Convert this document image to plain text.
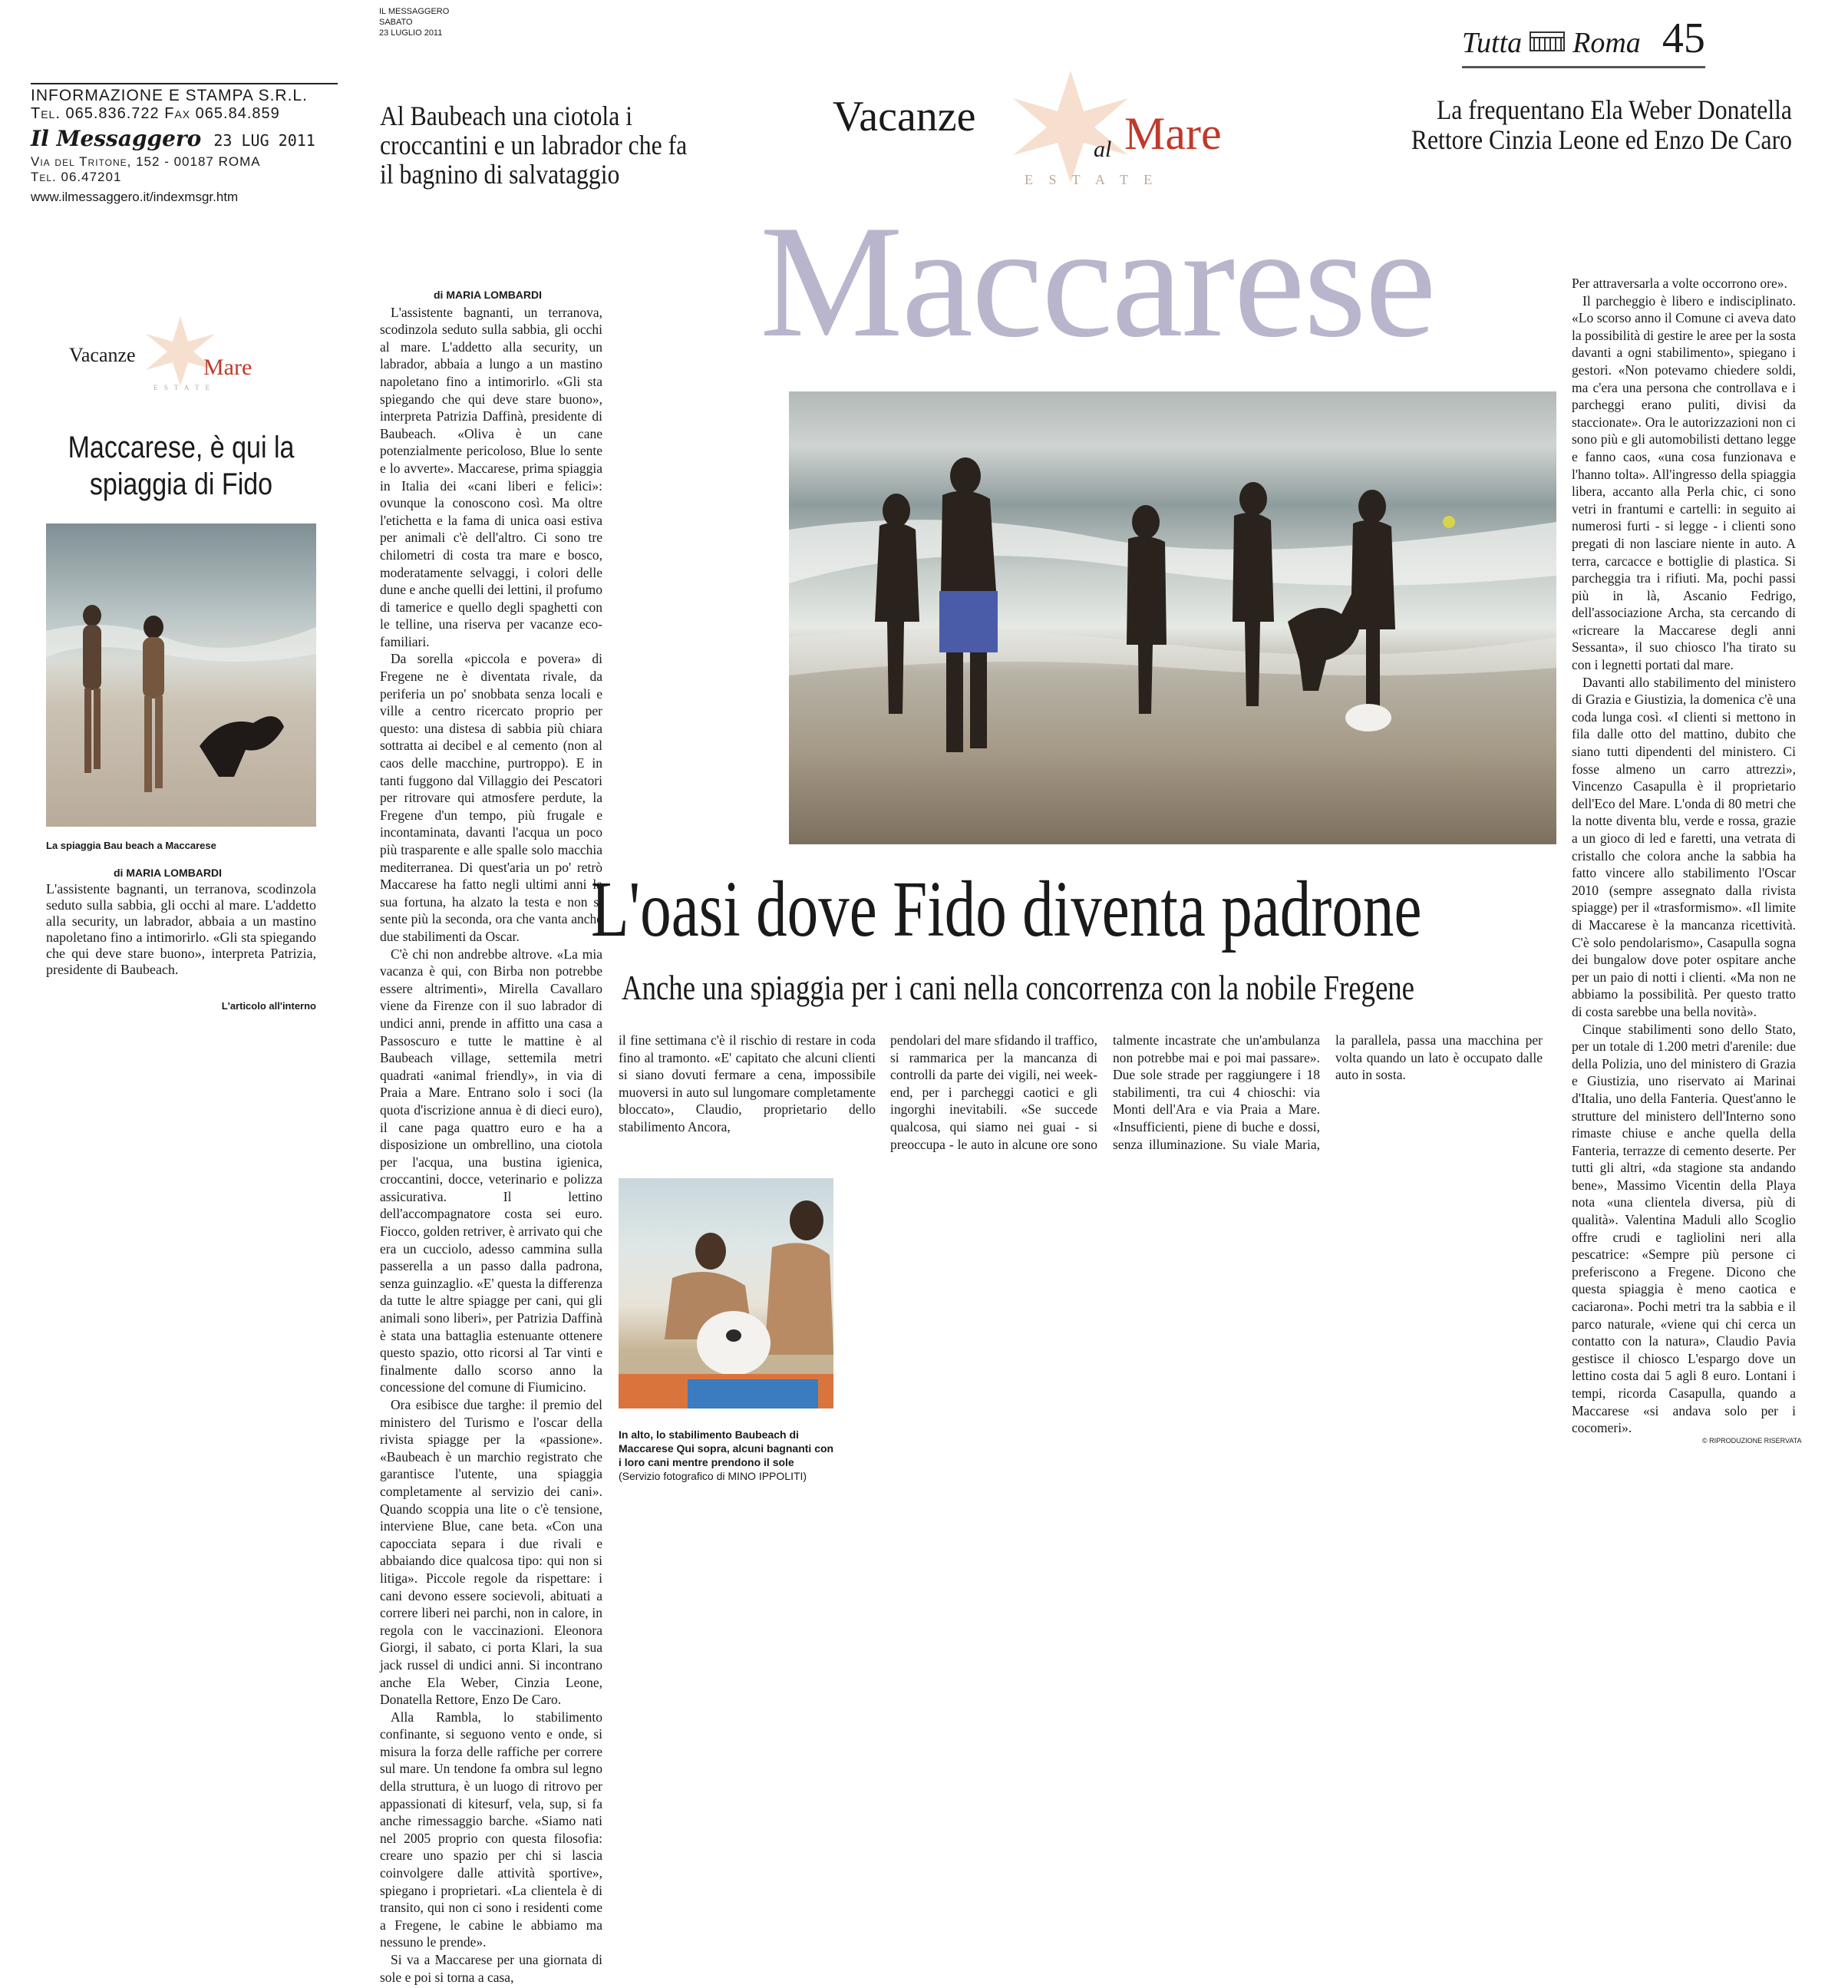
INFORMAZIONE E STAMPA S.R.L.
Tel. 065.836.722 Fax 065.84.859
Il Messaggero 23 LUG 2011
Via del Tritone, 152 - 00187 ROMA
Tel. 06.47201
www.ilmessaggero.it/indexmsgr.htm
Vacanze	Mare
E S T A T E
Maccarese, è qui la spiaggia di Fido
La spiaggia Bau beach a Maccarese
di MARIA LOMBARDI
L'assistente bagnanti, un terranova, scodinzola seduto sulla sabbia, gli occhi al mare. L'addetto alla security, un labrador, abbaia a un mastino napoletano fino a intimorirlo. «Gli sta spiegando che qui deve stare buono», interpreta Patrizia, presidente di Baubeach.
L'articolo all'interno
IL MESSAGGERO
SABATO
23 LUGLIO 2011	Tutta Roma 45
Vacanze
al Mare
E S T A T E
Al Baubeach una ciotola i croccantini e un labrador che fa il bagnino di salvataggio
La frequentano Ela Weber Donatella Rettore Cinzia Leone ed Enzo De Caro
Maccarese
L'oasi dove Fido diventa padrone
Anche una spiaggia per i cani nella concorrenza con la nobile Fregene

di MARIA LOMBARDI

L'assistente bagnanti, un terranova, scodinzola seduto sulla sabbia, gli occhi al mare. L'addetto alla security, un labrador, abbaia a lungo a un mastino napoletano fino a intimorirlo. «Gli sta spiegando che qui deve stare buono», interpreta Patrizia Daffinà, presidente di Baubeach. «Oliva è un cane potenzialmente pericoloso, Blue lo sente e lo avverte». Maccarese, prima spiaggia in Italia dei «cani liberi e felici»: ovunque la conoscono così. Ma oltre l'etichetta e la fama di unica oasi estiva per animali c'è dell'altro. Ci sono tre chilometri di costa tra mare e bosco, moderatamente selvaggi, i colori delle dune e anche quelli dei lettini, il profumo di tamerice e quello degli spaghetti con le telline, una riserva per vacanze eco-familiari.

Da sorella «piccola e povera» di Fregene ne è diventata rivale, da periferia un po' snobbata senza locali e ville a centro ricercato proprio per questo: una distesa di sabbia più chiara sottratta ai decibel e al cemento (non al caos delle macchine, purtroppo). E in tanti fuggono dal Villaggio dei Pescatori per ritrovare qui atmosfere perdute, la Fregene d'un tempo, più frugale e incontaminata, davanti l'acqua un poco più trasparente e alle spalle solo macchia mediterranea. Di quest'aria un po' retrò Maccarese ha fatto negli ultimi anni la sua fortuna, ha alzato la testa e non si sente più la seconda, ora che vanta anche due stabilimenti da Oscar.

C'è chi non andrebbe altrove. «La mia vacanza è qui, con Birba non potrebbe essere altrimenti», Mirella Cavallaro viene da Firenze con il suo labrador di undici anni, prende in affitto una casa a Passoscuro e tutte le mattine è al Baubeach village, settemila metri quadrati «animal friendly», in via di Praia a Mare. Entrano solo i soci (la quota d'iscrizione annua è di dieci euro), il cane paga quattro euro e ha a disposizione un ombrellino, una ciotola per l'acqua, una bustina igienica, croccantini, docce, veterinario e polizza assicurativa. Il lettino dell'accompagnatore costa sei euro. Fiocco, golden retriver, è arrivato qui che era un cucciolo, adesso cammina sulla passerella a un passo dalla padrona, senza guinzaglio. «E' questa la differenza da tutte le altre spiagge per cani, qui gli animali sono liberi», per Patrizia Daffinà è stata una battaglia estenuante ottenere questo spazio, otto ricorsi al Tar vinti e finalmente dallo scorso anno la concessione del comune di Fiumicino.

Ora esibisce due targhe: il premio del ministero del Turismo e l'oscar della rivista spiagge per la «passione». «Baubeach è un marchio registrato che garantisce l'utente, una spiaggia completamente al servizio dei cani». Quando scoppia una lite o c'è tensione, interviene Blue, cane beta. «Con una capocciata separa i due rivali e abbaiando dice qualcosa tipo: qui non si litiga». Piccole regole da rispettare: i cani devono essere socievoli, abituati a correre liberi nei parchi, non in calore, in regola con le vaccinazioni. Eleonora Giorgi, il sabato, ci porta Klari, la sua jack russel di undici anni. Si incontrano anche Ela Weber, Cinzia Leone, Donatella Rettore, Enzo De Caro.

Alla Rambla, lo stabilimento confinante, si seguono vento e onde, si misura la forza delle raffiche per correre sul mare. Un tendone fa ombra sul legno della struttura, è un luogo di ritrovo per appassionati di kitesurf, vela, sup, si fa anche rimessaggio barche. «Siamo nati nel 2005 proprio con questa filosofia: creare uno spazio per chi si lascia coinvolgere dalle attività sportive», spiegano i proprietari. «La clientela è di transito, qui non ci sono i residenti come a Fregene, le cabine le abbiamo ma nessuno le prende».

Si va a Maccarese per una giornata di sole e poi si torna a casa,

il fine settimana c'è il rischio di restare in coda fino al tramonto. «E' capitato che alcuni clienti si siano dovuti fermare a cena, impossibile muoversi in auto sul lungomare completamente bloccato», Claudio, proprietario dello stabilimento Ancora,

pendolari del mare sfidando il traffico, si rammarica per la mancanza di controlli da parte dei vigili, nei week-end, per i parcheggi caotici e gli ingorghi inevitabili. «Se succede qualcosa, qui siamo nei guai - si preoccupa - le auto in alcune ore sono talmente incastrate che un'ambulanza non potrebbe mai e poi mai passare». Due sole strade per raggiungere i 18 stabilimenti, tra cui 4 chioschi: via Monti dell'Ara e via Praia a Mare. «Insufficienti, piene di buche e dossi, senza illuminazione. Su viale Maria, la parallela, passa una macchina per volta quando un lato è occupato dalle auto in sosta.

In alto, lo stabilimento Baubeach di Maccarese Qui sopra, alcuni bagnanti con i loro cani mentre prendono il sole (Servizio fotografico di MINO IPPOLITI)

Per attraversarla a volte occorrono ore».

Il parcheggio è libero e indisciplinato. «Lo scorso anno il Comune ci aveva dato la possibilità di gestire le aree per la sosta davanti a ogni stabilimento», spiegano i gestori. «Non potevamo chiedere soldi, ma c'era una persona che controllava e i parcheggi erano puliti, divisi da staccionate». Ora le autorizzazioni non ci sono più e gli automobilisti dettano legge e fanno caos, «una cosa funzionava e l'hanno tolta». All'ingresso della spiaggia libera, accanto alla Perla chic, ci sono vetri in frantumi e cartelli: in seguito ai numerosi furti - si legge - i clienti sono pregati di non lasciare niente in auto. A terra, carcacce e bottiglie di plastica. Si parcheggia tra i rifiuti. Ma, pochi passi più in là, Ascanio Fedrigo, dell'associazione Archa, sta cercando di «ricreare la Maccarese degli anni Sessanta», il suo chiosco l'ha tirato su con i legnetti portati dal mare.

Davanti allo stabilimento del ministero di Grazia e Giustizia, la domenica c'è una coda lunga così. «I clienti si mettono in fila dalle otto del mattino, dubito che siano tutti dipendenti del ministero. Ci fosse almeno un carro attrezzi», Vincenzo Casapulla è il proprietario dell'Eco del Mare. L'onda di 80 metri che la notte diventa blu, verde e rossa, grazie a un gioco di led e faretti, una vetrata di cristallo che colora anche la sabbia ha fatto vincere allo stabilimento l'Oscar 2010 (sempre assegnato dalla rivista spiagge) per il «trasformismo». «Il limite di Maccarese è la mancanza ricettività. C'è solo pendolarismo», Casapulla sogna dei bungalow dove poter ospitare anche per un paio di notti i clienti. «Ma non ne abbiamo la possibilità. Per questo tratto di costa sarebbe una bella novità».

Cinque stabilimenti sono dello Stato, per un totale di 1.200 metri d'arenile: due della Polizia, uno del ministero di Grazia e Giustizia, uno riservato ai Marinai d'Italia, uno della Fanteria. Quest'anno le strutture del ministero dell'Interno sono rimaste chiuse e anche quella della Fanteria, terrazze di cemento deserte. Per tutti gli altri, «da stagione sta andando bene», Massimo Vicentin della Playa nota «una clientela diversa, più di qualità». Valentina Maduli allo Scoglio offre crudi e tagliolini neri alla pescatrice: «Sempre più persone ci preferiscono a Fregene. Dicono che questa spiaggia è meno caotica e caciarona». Pochi metri tra la sabbia e il parco naturale, «viene qui chi cerca un contatto con la natura», Claudio Pavia gestisce il chiosco L'espargo dove un lettino costa dai 5 agli 8 euro. Lontani i tempi, ricorda Casapulla, quando a Maccarese «si andava solo per i cocomeri».

© RIPRODUZIONE RISERVATA
